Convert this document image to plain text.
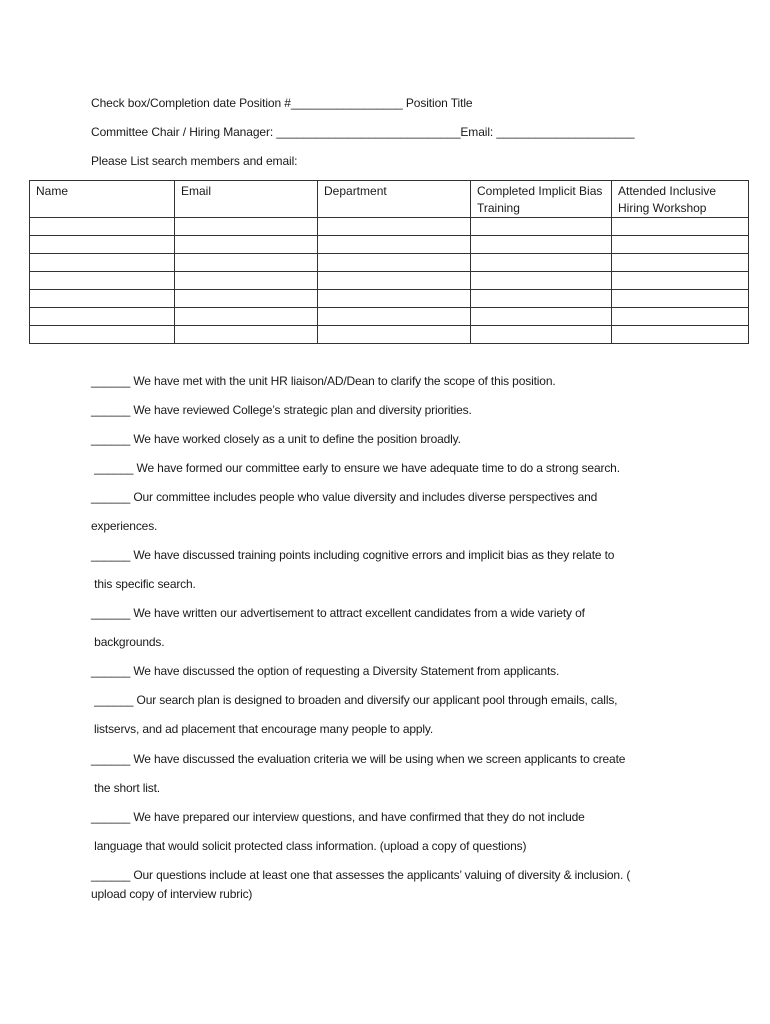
Check box/Completion date Position #_________________ Position Title
Committee Chair / Hiring Manager: ____________________________Email: _____________________
Please List search members and email:
Name	Email	Department	Completed Implicit Bias Training	Attended Inclusive Hiring Workshop

______ We have met with the unit HR liaison/AD/Dean to clarify the scope of this position.
______ We have reviewed College’s strategic plan and diversity priorities.
______ We have worked closely as a unit to define the position broadly.
______ We have formed our committee early to ensure we have adequate time to do a strong search.
______ Our committee includes people who value diversity and includes diverse perspectives and
experiences.
______ We have discussed training points including cognitive errors and implicit bias as they relate to
this specific search.
______ We have written our advertisement to attract excellent candidates from a wide variety of
backgrounds.
______ We have discussed the option of requesting a Diversity Statement from applicants.
______ Our search plan is designed to broaden and diversify our applicant pool through emails, calls,
listservs, and ad placement that encourage many people to apply.
______ We have discussed the evaluation criteria we will be using when we screen applicants to create
the short list.
______ We have prepared our interview questions, and have confirmed that they do not include
language that would solicit protected class information. (upload a copy of questions)
______ Our questions include at least one that assesses the applicants’ valuing of diversity & inclusion. (
upload copy of interview rubric)
